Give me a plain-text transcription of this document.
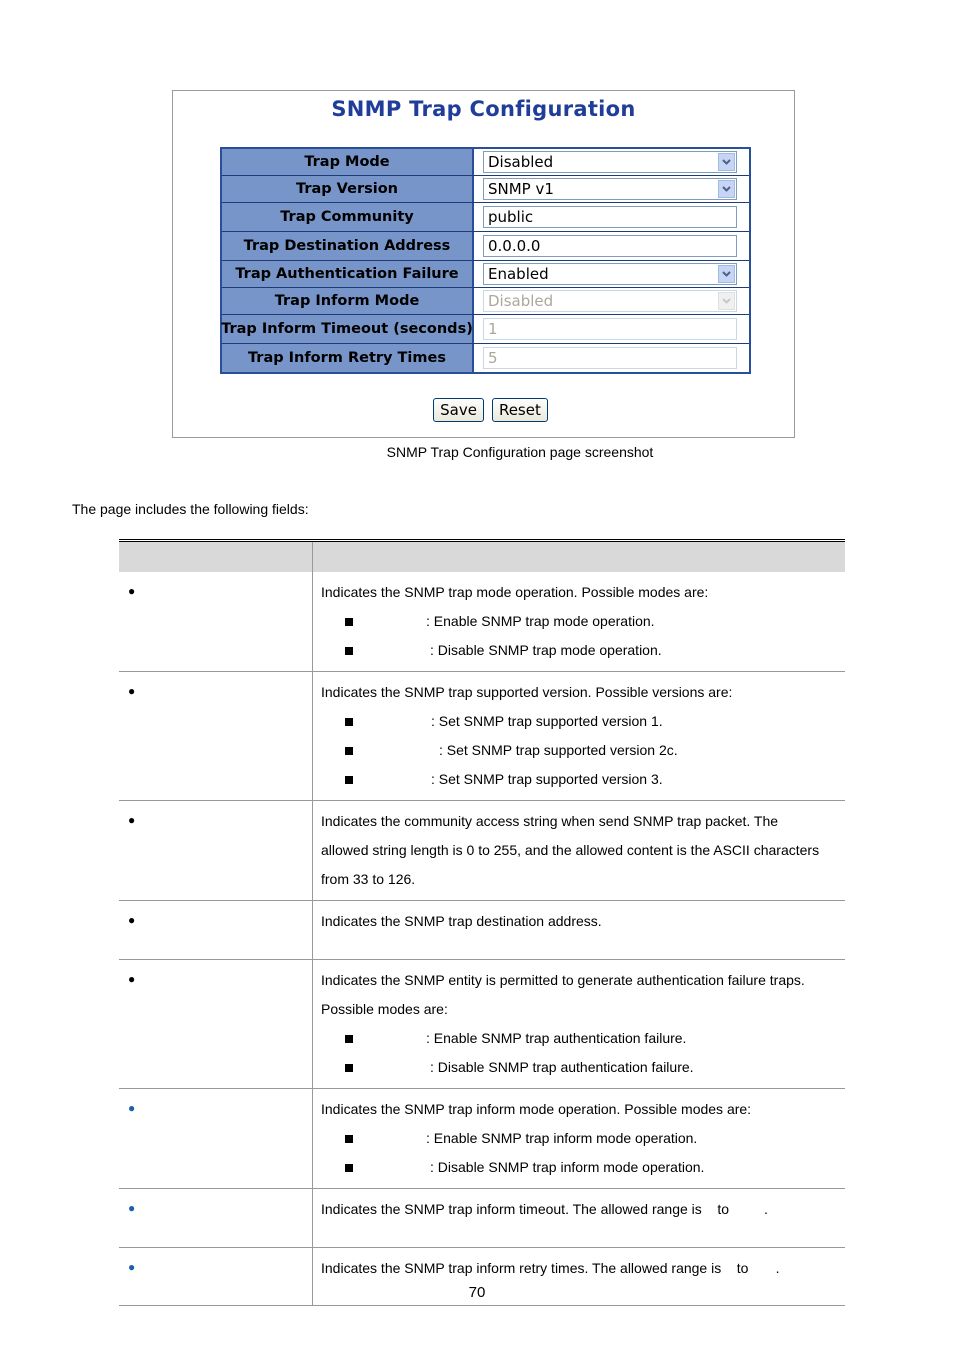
SNMP Trap Configuration
Trap Mode	Disabled
Trap Version	SNMP v1
Trap Community	public
Trap Destination Address	0.0.0.0
Trap Authentication Failure	Enabled
Trap Inform Mode	Disabled
Trap Inform Timeout (seconds)	1
Trap Inform Retry Times	5
Save	Reset
SNMP Trap Configuration page screenshot
The page includes the following fields:

●	Indicates the SNMP trap mode operation. Possible modes are:

: Enable SNMP trap mode operation.
: Disable SNMP trap mode operation.

●	Indicates the SNMP trap supported version. Possible versions are:

: Set SNMP trap supported version 1.
: Set SNMP trap supported version 2c.
: Set SNMP trap supported version 3.

●	Indicates the community access string when send SNMP trap packet. The

allowed string length is 0 to 255, and the allowed content is the ASCII characters

from 33 to 126.

●	Indicates the SNMP trap destination address.

●	Indicates the SNMP entity is permitted to generate authentication failure traps.

Possible modes are:

: Enable SNMP trap authentication failure.
: Disable SNMP trap authentication failure.

●	Indicates the SNMP trap inform mode operation. Possible modes are:

: Enable SNMP trap inform mode operation.
: Disable SNMP trap inform mode operation.

●	Indicates the SNMP trap inform timeout. The allowed range is    to         .

●	Indicates the SNMP trap inform retry times. The allowed range is    to       .

70
